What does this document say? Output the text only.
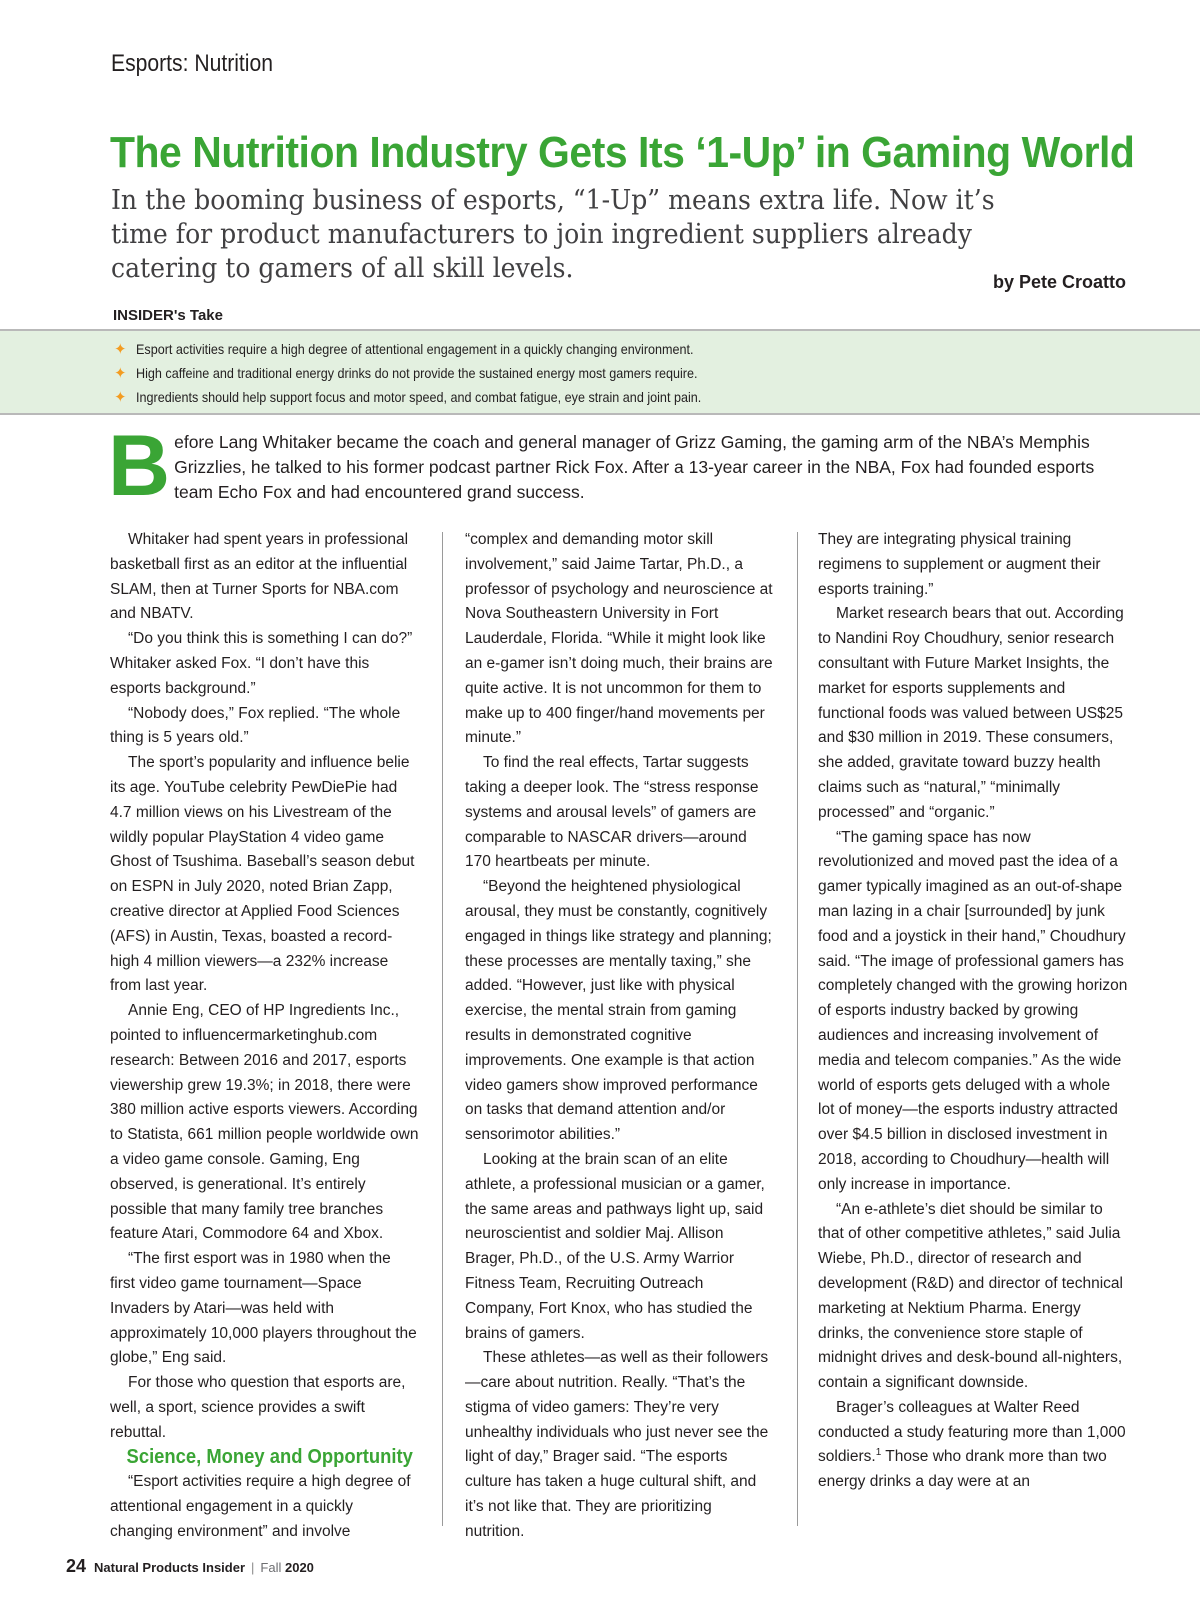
Esports: Nutrition
The Nutrition Industry Gets Its ‘1-Up’ in Gaming World

In the booming business of esports, “1-Up” means extra life. Now it’s time for product manufacturers to join ingredient suppliers already catering to gamers of all skill levels.	by Pete Croatto
INSIDER's Take
✦ Esport activities require a high degree of attentional engagement in a quickly changing environment.
✦ High caffeine and traditional energy drinks do not provide the sustained energy most gamers require.
✦ Ingredients should help support focus and motor speed, and combat fatigue, eye strain and joint pain.
Before Lang Whitaker became the coach and general manager of Grizz Gaming, the gaming arm of the NBA’s Memphis Grizzlies, he talked to his former podcast partner Rick Fox. After a 13-year career in the NBA, Fox had founded esports team Echo Fox and had encountered grand success.

Whitaker had spent years in professional basketball first as an editor at the influential SLAM, then at Turner Sports for NBA.com and NBATV.

“Do you think this is something I can do?” Whitaker asked Fox. “I don’t have this esports background.”

“Nobody does,” Fox replied. “The whole thing is 5 years old.”

The sport’s popularity and influence belie its age. YouTube celebrity PewDiePie had 4.7 million views on his Livestream of the wildly popular PlayStation 4 video game Ghost of Tsushima. Baseball’s season debut on ESPN in July 2020, noted Brian Zapp, creative director at Applied Food Sciences (AFS) in Austin, Texas, boasted a record-high 4 million viewers—a 232% increase from last year.

Annie Eng, CEO of HP Ingredients Inc., pointed to influencermarketinghub.com research: Between 2016 and 2017, esports viewership grew 19.3%; in 2018, there were 380 million active esports viewers. According to Statista, 661 million people worldwide own a video game console. Gaming, Eng observed, is generational. It’s entirely possible that many family tree branches feature Atari, Commodore 64 and Xbox.

“The first esport was in 1980 when the first video game tournament—Space Invaders by Atari—was held with approximately 10,000 players throughout the globe,” Eng said.

For those who question that esports are, well, a sport, science provides a swift rebuttal.

Science, Money and Opportunity

“Esport activities require a high degree of attentional engagement in a quickly changing environment” and involve

“complex and demanding motor skill involvement,” said Jaime Tartar, Ph.D., a professor of psychology and neuroscience at Nova Southeastern University in Fort Lauderdale, Florida. “While it might look like an e-gamer isn’t doing much, their brains are quite active. It is not uncommon for them to make up to 400 finger/hand movements per minute.”

To find the real effects, Tartar suggests taking a deeper look. The “stress response systems and arousal levels” of gamers are comparable to NASCAR drivers—around 170 heartbeats per minute.

“Beyond the heightened physiological arousal, they must be constantly, cognitively engaged in things like strategy and planning; these processes are mentally taxing,” she added. “However, just like with physical exercise, the mental strain from gaming results in demonstrated cognitive improvements. One example is that action video gamers show improved performance on tasks that demand attention and/or sensorimotor abilities.”

Looking at the brain scan of an elite athlete, a professional musician or a gamer, the same areas and pathways light up, said neuroscientist and soldier Maj. Allison Brager, Ph.D., of the U.S. Army Warrior Fitness Team, Recruiting Outreach Company, Fort Knox, who has studied the brains of gamers.

These athletes—as well as their followers—care about nutrition. Really. “That’s the stigma of video gamers: They’re very unhealthy individuals who just never see the light of day,” Brager said. “The esports culture has taken a huge cultural shift, and it’s not like that. They are prioritizing nutrition.

They are integrating physical training regimens to supplement or augment their esports training.”

Market research bears that out. According to Nandini Roy Choudhury, senior research consultant with Future Market Insights, the market for esports supplements and functional foods was valued between US$25 and $30 million in 2019. These consumers, she added, gravitate toward buzzy health claims such as “natural,” “minimally processed” and “organic.”

“The gaming space has now revolutionized and moved past the idea of a gamer typically imagined as an out-of-shape man lazing in a chair [surrounded] by junk food and a joystick in their hand,” Choudhury said. “The image of professional gamers has completely changed with the growing horizon of esports industry backed by growing audiences and increasing involvement of media and telecom companies.” As the wide world of esports gets deluged with a whole lot of money—the esports industry attracted over $4.5 billion in disclosed investment in 2018, according to Choudhury—health will only increase in importance.

“An e-athlete’s diet should be similar to that of other competitive athletes,” said Julia Wiebe, Ph.D., director of research and development (R&D) and director of technical marketing at Nektium Pharma. Energy drinks, the convenience store staple of midnight drives and desk-bound all-nighters, contain a significant downside.

Brager’s colleagues at Walter Reed conducted a study featuring more than 1,000 soldiers.$^1$ Those who drank more than two energy drinks a day were at an

24 Natural Products Insider | Fall 2020
